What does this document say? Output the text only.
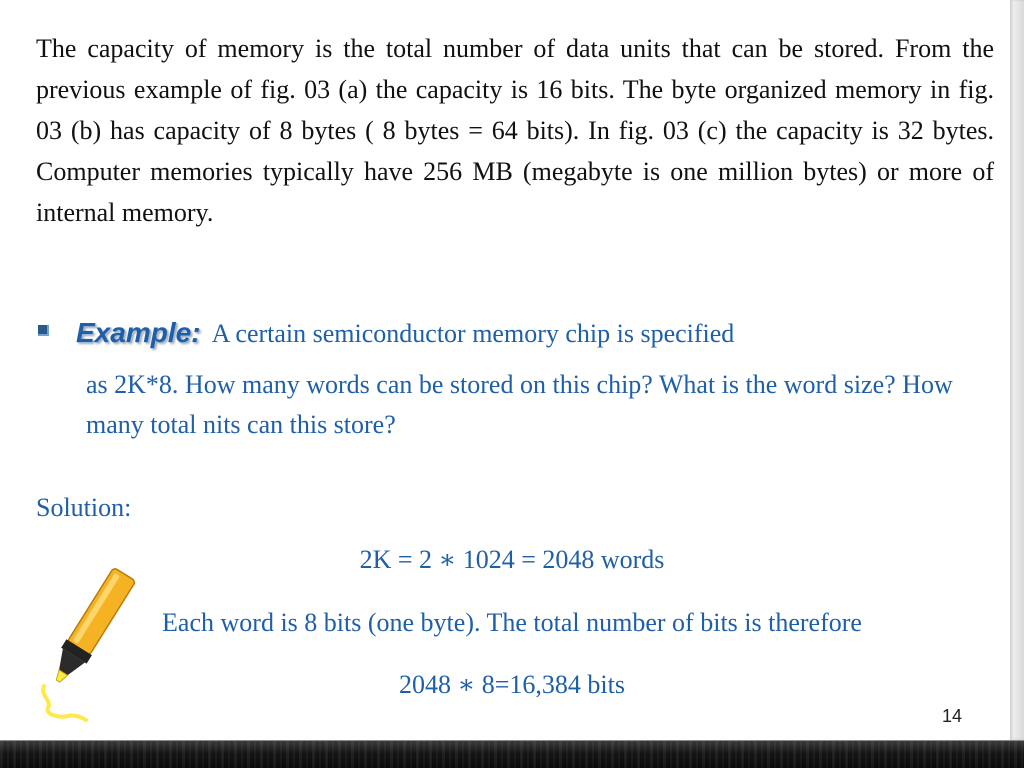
The capacity of memory is the total number of data units that can be stored. From the previous example of fig. 03 (a) the capacity is 16 bits. The byte organized memory in fig. 03 (b) has capacity of 8 bytes ( 8 bytes = 64 bits). In fig. 03 (c) the capacity is 32 bytes. Computer memories typically have 256 MB (megabyte is one million bytes) or more of internal memory.

Example: A certain semiconductor memory chip is specified

as 2K*8. How many words can be stored on this chip? What is the word size? How many total nits can this store?

Solution:

2K = 2 ∗ 1024 = 2048 words

Each word is 8 bits (one byte). The total number of bits is therefore

2048 ∗ 8=16,384 bits

14
